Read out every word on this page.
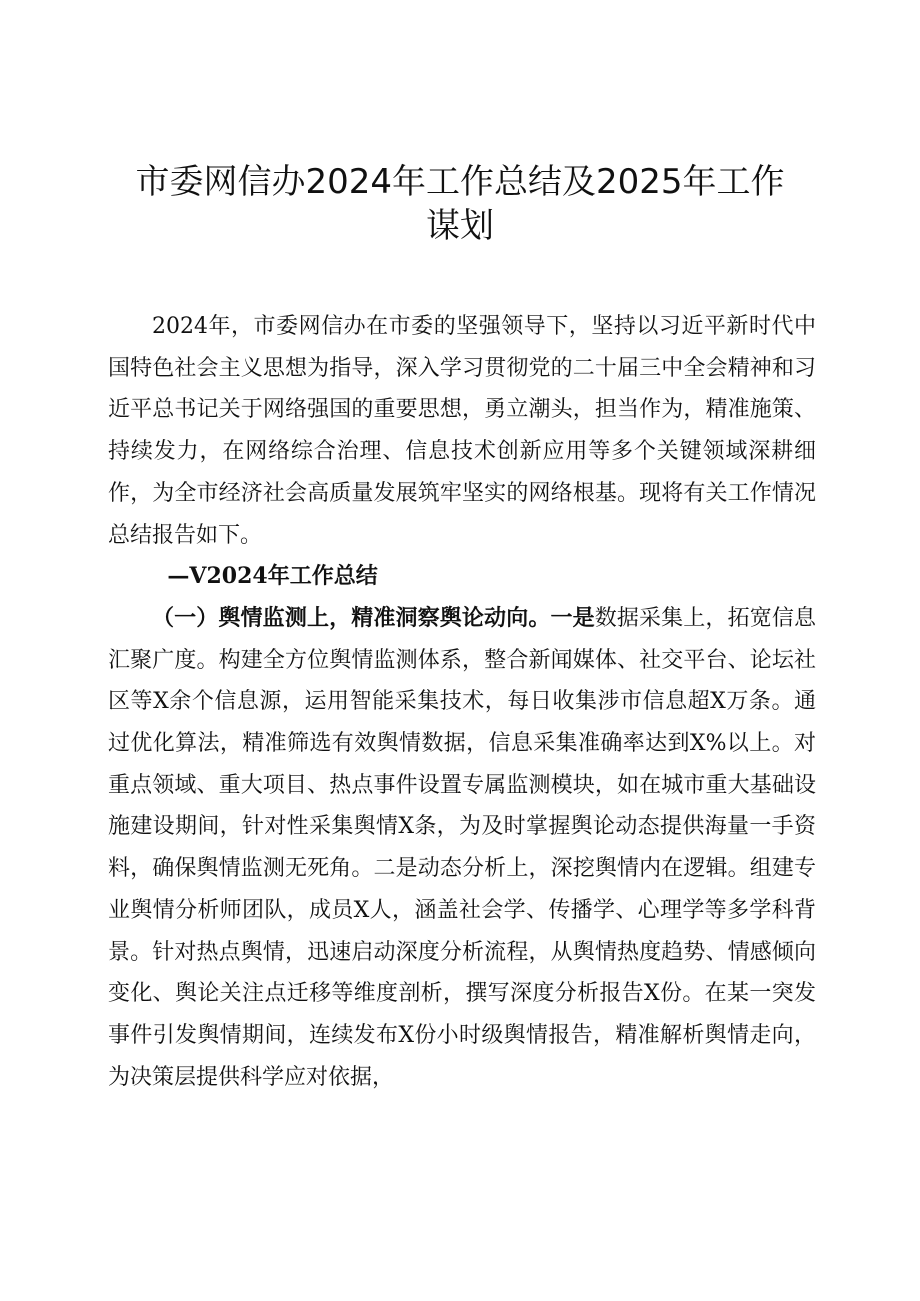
市委网信办2024年工作总结及2025年工作谋划

2024年，市委网信办在市委的坚强领导下，坚持以习近平新时代中国特色社会主义思想为指导，深入学习贯彻党的二十届三中全会精神和习近平总书记关于网络强国的重要思想，勇立潮头，担当作为，精准施策、持续发力，在网络综合治理、信息技术创新应用等多个关键领域深耕细作，为全市经济社会高质量发展筑牢坚实的网络根基。现将有关工作情况总结报告如下。

—V2024年工作总结

（一）舆情监测上，精准洞察舆论动向。一是数据采集上，拓宽信息汇聚广度。构建全方位舆情监测体系，整合新闻媒体、社交平台、论坛社区等X余个信息源，运用智能采集技术，每日收集涉市信息超X万条。通过优化算法，精准筛选有效舆情数据，信息采集准确率达到X%以上。对重点领域、重大项目、热点事件设置专属监测模块，如在城市重大基础设施建设期间，针对性采集舆情X条，为及时掌握舆论动态提供海量一手资料，确保舆情监测无死角。二是动态分析上，深挖舆情内在逻辑。组建专业舆情分析师团队，成员X人，涵盖社会学、传播学、心理学等多学科背景。针对热点舆情，迅速启动深度分析流程，从舆情热度趋势、情感倾向变化、舆论关注点迁移等维度剖析，撰写深度分析报告X份。在某一突发事件引发舆情期间，连续发布X份小时级舆情报告，精准解析舆情走向，为决策层提供科学应对依据，
